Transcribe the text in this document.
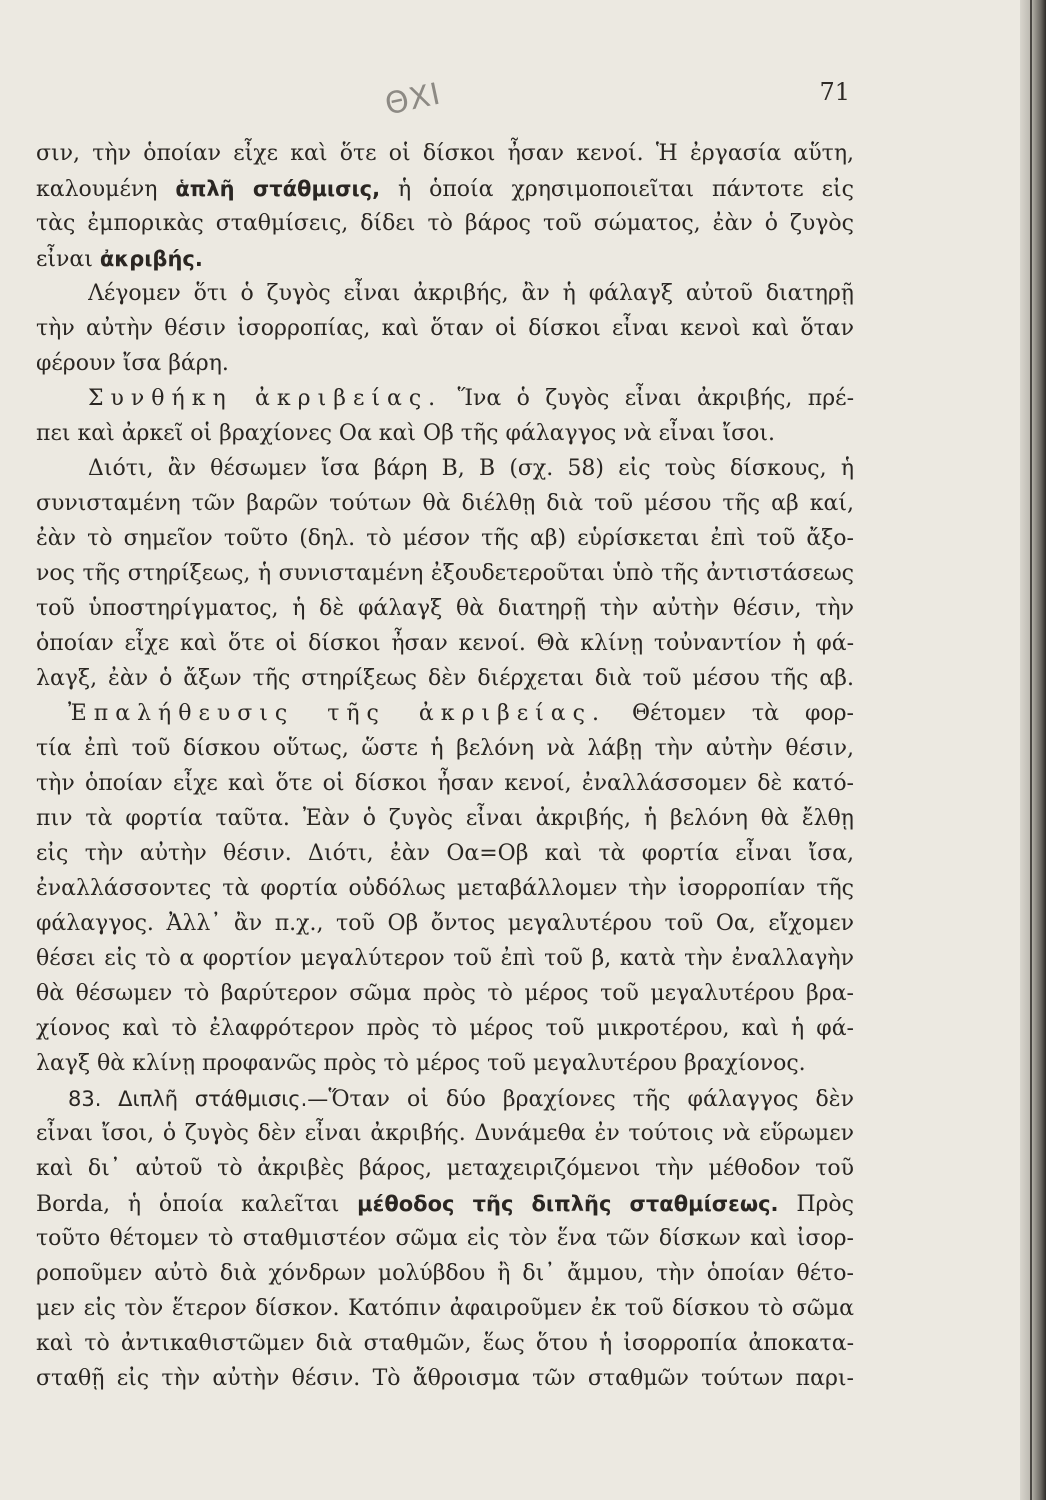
ΘΧΙ	71
σιν, τὴν ὁποίαν εἶχε καὶ ὅτε οἱ δίσκοι ἦσαν κενοί. Ἡ ἐργασία αὕτη,
καλουμένη ἁπλῆ στάθμισις, ἡ ὁποία χρησιμοποιεῖται πάντοτε εἰς
τὰς ἐμπορικὰς σταθμίσεις, δίδει τὸ βάρος τοῦ σώματος, ἐὰν ὁ ζυγὸς
εἶναι ἀκριβής.
Λέγομεν ὅτι ὁ ζυγὸς εἶναι ἀκριβής, ἂν ἡ φάλαγξ αὐτοῦ διατηρῇ
τὴν αὐτὴν θέσιν ἰσορροπίας, καὶ ὅταν οἱ δίσκοι εἶναι κενοὶ καὶ ὅταν
φέρουν ἴσα βάρη.
Συνθήκη ἀκριβείας. Ἵνα ὁ ζυγὸς εἶναι ἀκριβής, πρέ-
πει καὶ ἀρκεῖ οἱ βραχίονες Οα καὶ Οβ τῆς φάλαγγος νὰ εἶναι ἴσοι.
Διότι, ἂν θέσωμεν ἴσα βάρη Β, Β (σχ. 58) εἰς τοὺς δίσκους, ἡ
συνισταμένη τῶν βαρῶν τούτων θὰ διέλθῃ διὰ τοῦ μέσου τῆς αβ καί,
ἐὰν τὸ σημεῖον τοῦτο (δηλ. τὸ μέσον τῆς αβ) εὑρίσκεται ἐπὶ τοῦ ἄξο-
νος τῆς στηρίξεως, ἡ συνισταμένη ἐξουδετεροῦται ὑπὸ τῆς ἀντιστάσεως
τοῦ ὑποστηρίγματος, ἡ δὲ φάλαγξ θὰ διατηρῇ τὴν αὐτὴν θέσιν, τὴν
ὁποίαν εἶχε καὶ ὅτε οἱ δίσκοι ἦσαν κενοί. Θὰ κλίνῃ τοὐναντίον ἡ φά-
λαγξ, ἐὰν ὁ ἄξων τῆς στηρίξεως δὲν διέρχεται διὰ τοῦ μέσου τῆς αβ.
Ἐπαλήθευσις τῆς ἀκριβείας. Θέτομεν τὰ φορ-
τία ἐπὶ τοῦ δίσκου οὕτως, ὥστε ἡ βελόνη νὰ λάβῃ τὴν αὐτὴν θέσιν,
τὴν ὁποίαν εἶχε καὶ ὅτε οἱ δίσκοι ἦσαν κενοί, ἐναλλάσσομεν δὲ κατό-
πιν τὰ φορτία ταῦτα. Ἐὰν ὁ ζυγὸς εἶναι ἀκριβής, ἡ βελόνη θὰ ἔλθῃ
εἰς τὴν αὐτὴν θέσιν. Διότι, ἐὰν Οα=Οβ καὶ τὰ φορτία εἶναι ἴσα,
ἐναλλάσσοντες τὰ φορτία οὐδόλως μεταβάλλομεν τὴν ἰσορροπίαν τῆς
φάλαγγος. Ἀλλ᾿ ἂν π.χ., τοῦ Οβ ὄντος μεγαλυτέρου τοῦ Οα, εἴχομεν
θέσει εἰς τὸ α φορτίον μεγαλύτερον τοῦ ἐπὶ τοῦ β, κατὰ τὴν ἐναλλαγὴν
θὰ θέσωμεν τὸ βαρύτερον σῶμα πρὸς τὸ μέρος τοῦ μεγαλυτέρου βρα-
χίονος καὶ τὸ ἐλαφρότερον πρὸς τὸ μέρος τοῦ μικροτέρου, καὶ ἡ φά-
λαγξ θὰ κλίνῃ προφανῶς πρὸς τὸ μέρος τοῦ μεγαλυτέρου βραχίονος.
83. Διπλῆ στάθμισις.—Ὅταν οἱ δύο βραχίονες τῆς φάλαγγος δὲν
εἶναι ἴσοι, ὁ ζυγὸς δὲν εἶναι ἀκριβής. Δυνάμεθα ἐν τούτοις νὰ εὕρωμεν
καὶ δι᾿ αὐτοῦ τὸ ἀκριβὲς βάρος, μεταχειριζόμενοι τὴν μέθοδον τοῦ
Borda, ἡ ὁποία καλεῖται μέθοδος τῆς διπλῆς σταθμίσεως. Πρὸς
τοῦτο θέτομεν τὸ σταθμιστέον σῶμα εἰς τὸν ἕνα τῶν δίσκων καὶ ἰσορ-
ροποῦμεν αὐτὸ διὰ χόνδρων μολύβδου ἢ δι᾿ ἄμμου, τὴν ὁποίαν θέτο-
μεν εἰς τὸν ἕτερον δίσκον. Κατόπιν ἀφαιροῦμεν ἐκ τοῦ δίσκου τὸ σῶμα
καὶ τὸ ἀντικαθιστῶμεν διὰ σταθμῶν, ἕως ὅτου ἡ ἰσορροπία ἀποκατα-
σταθῇ εἰς τὴν αὐτὴν θέσιν. Τὸ ἄθροισμα τῶν σταθμῶν τούτων παρι-
